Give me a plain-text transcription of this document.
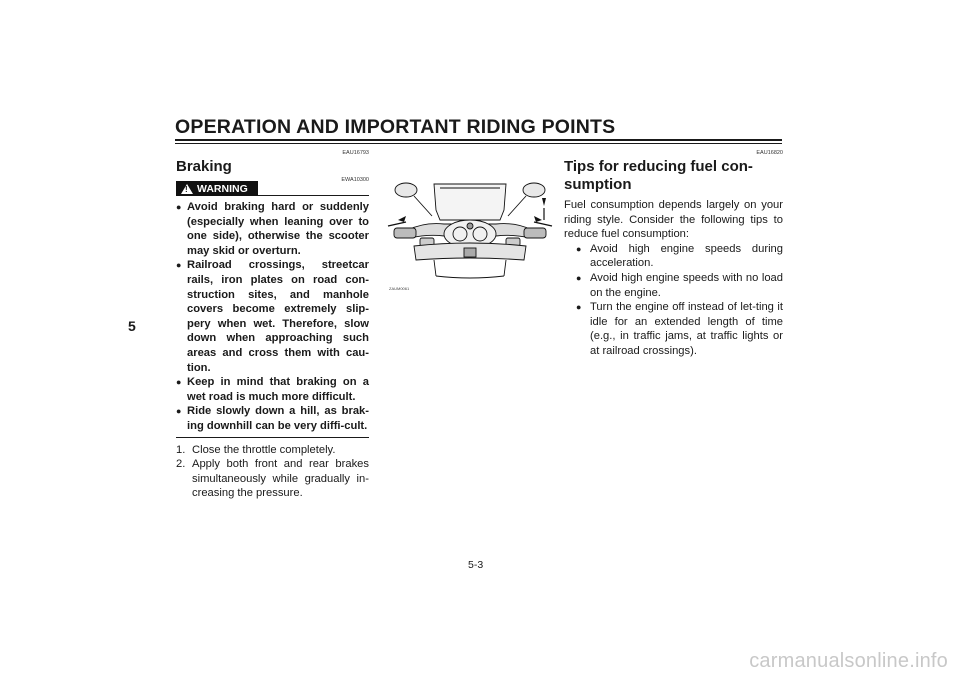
OPERATION AND IMPORTANT RIDING POINTS
5
EAU16793
Braking
!
WARNING
EWA10300
● Avoid braking hard or suddenly (especially when leaning over to one side), otherwise the scooter may skid or overturn.
● Railroad crossings, streetcar rails, iron plates on road con-struction sites, and manhole covers become extremely slip-pery when wet. Therefore, slow down when approaching such areas and cross them with cau-tion.
● Keep in mind that braking on a wet road is much more difficult.
● Ride slowly down a hill, as brak-ing downhill can be very diffi-cult.
1. Close the throttle completely.
2. Apply both front and rear brakes simultaneously while gradually in-creasing the pressure.
ZAUM0061
EAU16820
Tips for reducing fuel con-sumption

Fuel consumption depends largely on your riding style. Consider the following tips to reduce fuel consumption:

● Avoid high engine speeds during acceleration.
● Avoid high engine speeds with no load on the engine.
● Turn the engine off instead of let-ting it idle for an extended length of time (e.g., in traffic jams, at traffic lights or at railroad crossings).
5-3
carmanualsonline.info
